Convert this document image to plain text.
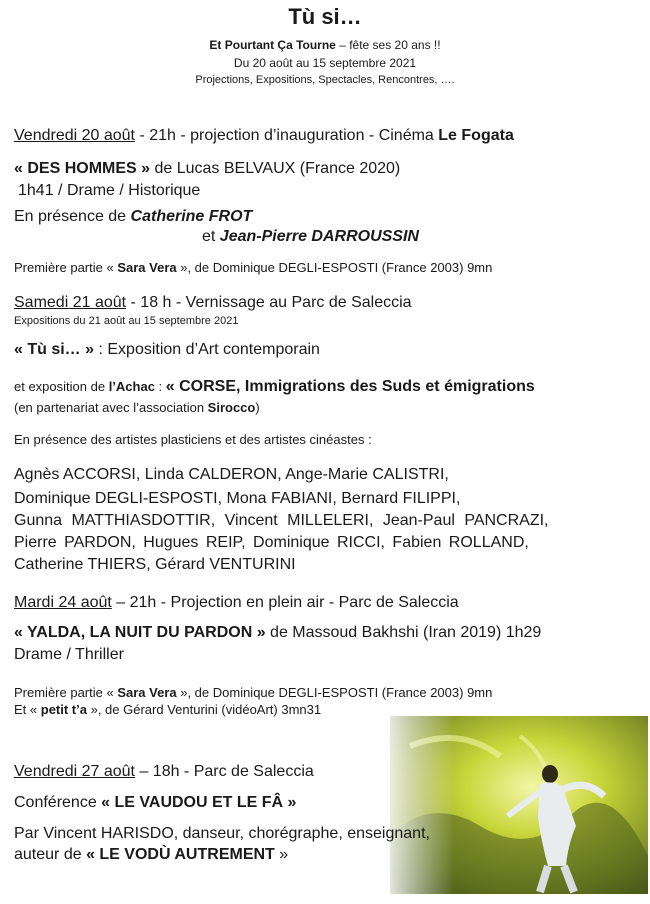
Tù si…
Et Pourtant Ça Tourne – fête ses 20 ans !!
Du 20 août au 15 septembre 2021
Projections, Expositions, Spectacles, Rencontres, ….
Vendredi 20 août - 21h - projection d’inauguration - Cinéma Le Fogata
« DES HOMMES » de Lucas BELVAUX (France 2020)
1h41 / Drame / Historique
En présence de Catherine FROT
et Jean-Pierre DARROUSSIN
Première partie « Sara Vera », de Dominique DEGLI-ESPOSTI (France 2003) 9mn
Samedi 21 août - 18 h - Vernissage au Parc de Saleccia
Expositions du 21 août au 15 septembre 2021
« Tù si… » : Exposition d’Art contemporain
et exposition de l’Achac : « CORSE, Immigrations des Suds et émigrations
(en partenariat avec l’association Sirocco)
En présence des artistes plasticiens et des artistes cinéastes :
Agnès ACCORSI, Linda CALDERON, Ange-Marie CALISTRI,
Dominique DEGLI-ESPOSTI, Mona FABIANI, Bernard FILIPPI,
Gunna MATTHIASDOTTIR, Vincent MILLELERI, Jean-Paul PANCRAZI,
Pierre PARDON, Hugues REIP, Dominique RICCI, Fabien ROLLAND,
Catherine THIERS, Gérard VENTURINI
Mardi 24 août – 21h - Projection en plein air - Parc de Saleccia
« YALDA, LA NUIT DU PARDON » de Massoud Bakhshi (Iran 2019) 1h29
Drame / Thriller
Première partie « Sara Vera », de Dominique DEGLI-ESPOSTI (France 2003) 9mn
Et « petit t’a », de Gérard Venturini (vidéoArt) 3mn31
Vendredi 27 août – 18h - Parc de Saleccia
Conférence « LE VAUDOU ET LE FÂ »
Par Vincent HARISDO, danseur, chorégraphe, enseignant,
auteur de « LE VODÙ AUTREMENT »
